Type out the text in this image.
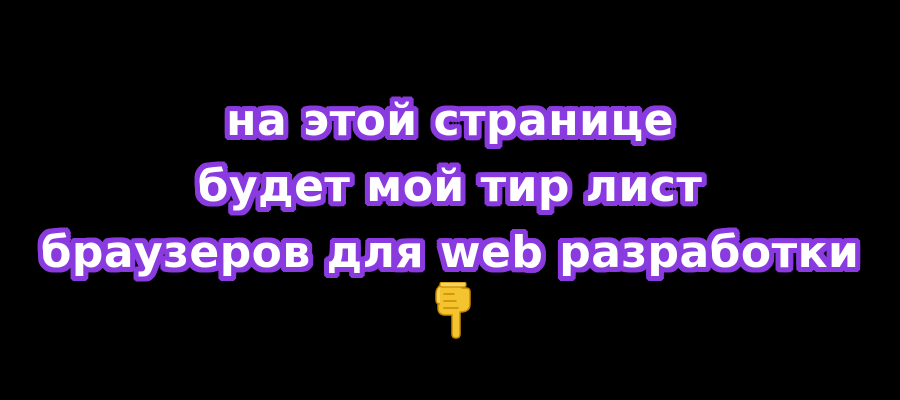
на этой странице
будет мой тир лист
браузеров для web разработки
